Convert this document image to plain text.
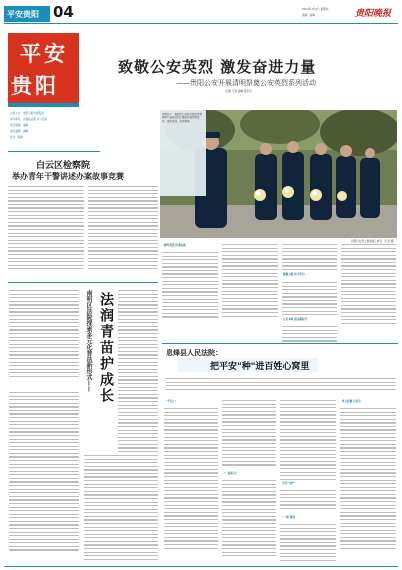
平安贵阳 04	2023年4月6日 星期四
责编：编辑	贵阳晚报
平安
贵阳
主管主办：贵阳日报传媒集团
协办单位：市委政法委 市公安局
责任编辑：编辑
美术编辑：编辑
校对：编辑
致敬公安英烈 激发奋进力量
——贵阳公安开展清明祭奠公安英烈系列活动
文/图 记者 编辑 通讯员
民警们在烈士墓前献上鲜花（记者 摄）
清明前夕，贵阳市公安机关组织民警辅警代表前往烈士陵园开展祭奠活动，缅怀英烈，传承精神。
白云区检察院
举办青年干警讲述办案故事竞赛
缅怀英烈 传承忠诚
凝聚力量 担当作为
立足本职 建功新时代
法润青苗护成长
南明区法院探索多元化普法新形式——	息烽县人民法院：
把平安"种"进百姓心窝里
"平安+"
"一庭多点"
平安"守护"
"一线"服务
多元化解 心连心
